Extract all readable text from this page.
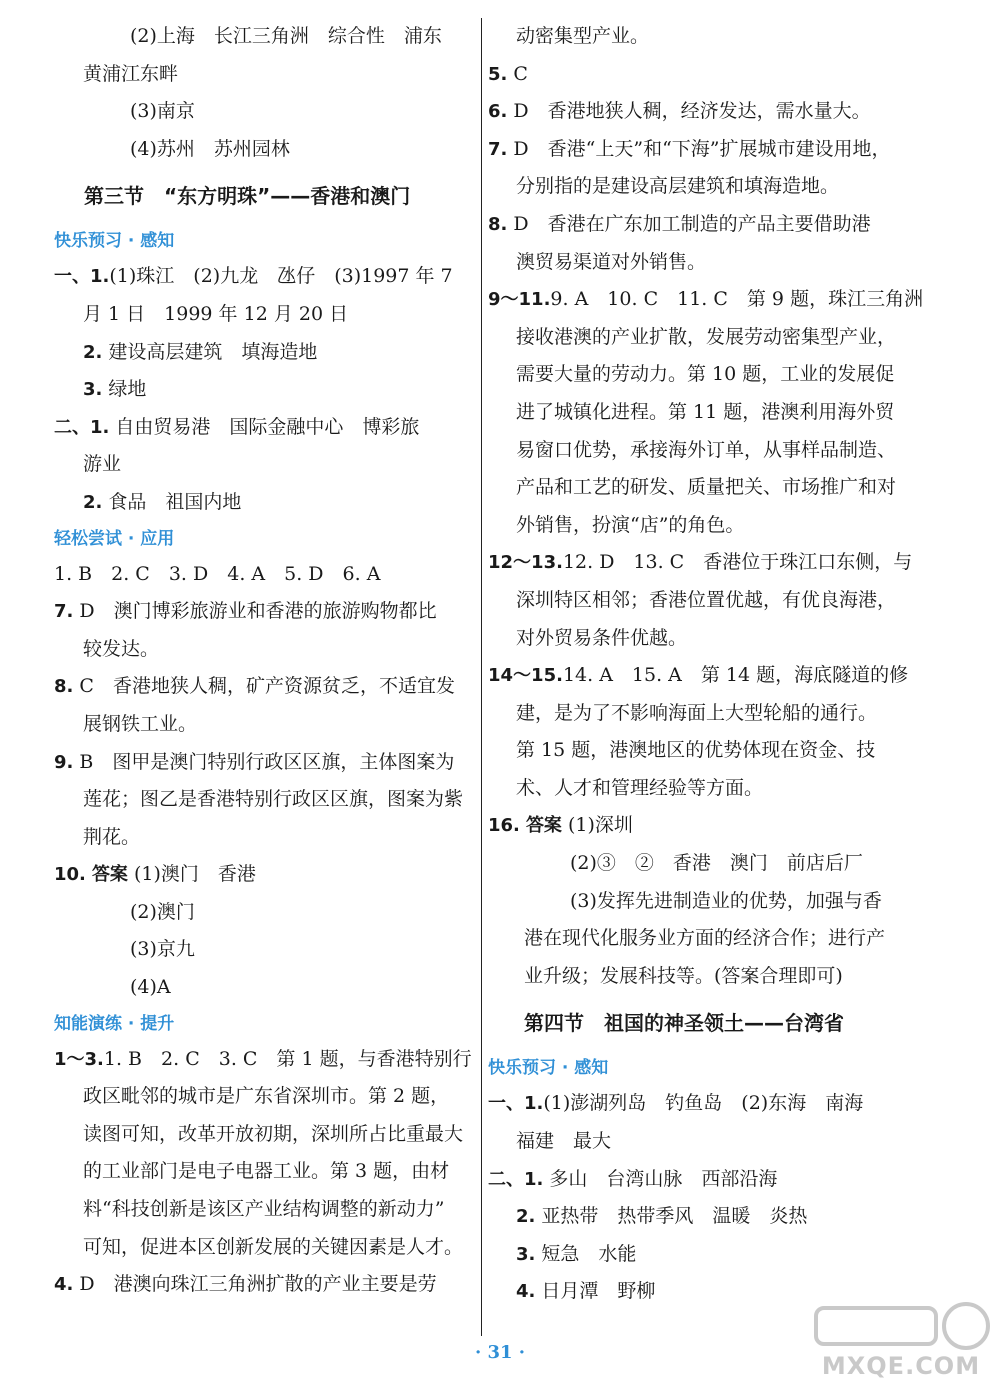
(2)上海　长江三角洲　综合性　浦东
黄浦江东畔
(3)南京
(4)苏州　苏州园林
第三节　“东方明珠”——香港和澳门
快乐预习 · 感知
一、1.(1)珠江　(2)九龙　氹仔　(3)1997 年 7
月 1 日　1999 年 12 月 20 日
2. 建设高层建筑　填海造地
3. 绿地
二、1. 自由贸易港　国际金融中心　博彩旅
游业
2. 食品　祖国内地
轻松尝试 · 应用
1. B　2. C　3. D　4. A　5. D　6. A
7. D　澳门博彩旅游业和香港的旅游购物都比
较发达。
8. C　香港地狭人稠，矿产资源贫乏，不适宜发
展钢铁工业。
9. B　图甲是澳门特别行政区区旗，主体图案为
莲花；图乙是香港特别行政区区旗，图案为紫
荆花。
10. 答案 (1)澳门　香港
(2)澳门
(3)京九
(4)A
知能演练 · 提升
1～3.1. B　2. C　3. C　第 1 题，与香港特别行
政区毗邻的城市是广东省深圳市。第 2 题，
读图可知，改革开放初期，深圳所占比重最大
的工业部门是电子电器工业。第 3 题，由材
料“科技创新是该区产业结构调整的新动力”
可知，促进本区创新发展的关键因素是人才。
4. D　港澳向珠江三角洲扩散的产业主要是劳
动密集型产业。
5. C
6. D　香港地狭人稠，经济发达，需水量大。
7. D　香港“上天”和“下海”扩展城市建设用地，
分别指的是建设高层建筑和填海造地。
8. D　香港在广东加工制造的产品主要借助港
澳贸易渠道对外销售。
9～11.9. A　10. C　11. C　第 9 题，珠江三角洲
接收港澳的产业扩散，发展劳动密集型产业，
需要大量的劳动力。第 10 题，工业的发展促
进了城镇化进程。第 11 题，港澳利用海外贸
易窗口优势，承接海外订单，从事样品制造、
产品和工艺的研发、质量把关、市场推广和对
外销售，扮演“店”的角色。
12～13.12. D　13. C　香港位于珠江口东侧，与
深圳特区相邻；香港位置优越，有优良海港，
对外贸易条件优越。
14～15.14. A　15. A　第 14 题，海底隧道的修
建，是为了不影响海面上大型轮船的通行。
第 15 题，港澳地区的优势体现在资金、技
术、人才和管理经验等方面。
16. 答案 (1)深圳
(2)③　②　香港　澳门　前店后厂
(3)发挥先进制造业的优势，加强与香
港在现代化服务业方面的经济合作；进行产
业升级；发展科技等。(答案合理即可)
第四节　祖国的神圣领土——台湾省
快乐预习 · 感知
一、1.(1)澎湖列岛　钓鱼岛　(2)东海　南海
福建　最大
二、1. 多山　台湾山脉　西部沿海
2. 亚热带　热带季风　温暖　炎热
3. 短急　水能
4. 日月潭　野柳
· 31 ·	MXQE.COM
